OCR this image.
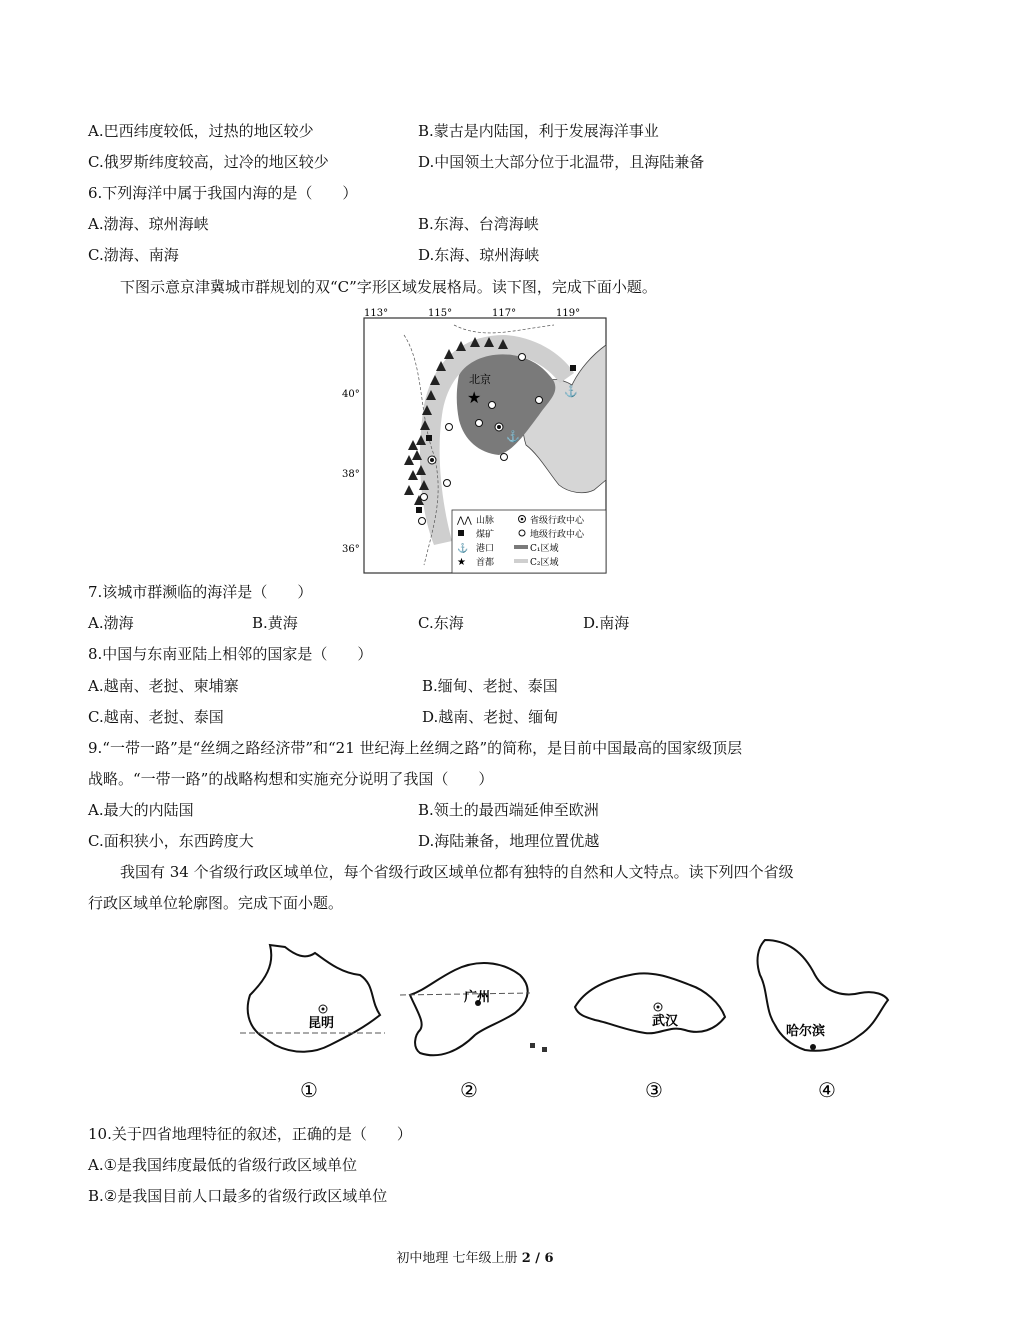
A.巴西纬度较低，过热的地区较少	B.蒙古是内陆国，利于发展海洋事业
C.俄罗斯纬度较高，过冷的地区较少	D.中国领土大部分位于北温带，且海陆兼备
6.下列海洋中属于我国内海的是（　　）
A.渤海、琼州海峡	B.东海、台湾海峡
C.渤海、南海	D.东海、琼州海峡
下图示意京津冀城市群规划的双“C”字形区域发展格局。读下图，完成下面小题。
113°	115°	117°	119°
40°
38°
36°
北京
★	⚓
⚓
⋀⋀ 山脉	省级行政中心
煤矿	地级行政中心
⚓ 港口	C₁区域
★ 首都	C₂区域
7.该城市群濒临的海洋是（　　）
A.渤海	B.黄海	C.东海	D.南海
8.中国与东南亚陆上相邻的国家是（　　）
A.越南、老挝、柬埔寨	B.缅甸、老挝、泰国
C.越南、老挝、泰国	D.越南、老挝、缅甸
9.“一带一路”是“丝绸之路经济带”和“21 世纪海上丝绸之路”的简称，是目前中国最高的国家级顶层
战略。“一带一路”的战略构想和实施充分说明了我国（　　）
A.最大的内陆国	B.领土的最西端延伸至欧洲
C.面积狭小，东西跨度大	D.海陆兼备，地理位置优越
我国有 34 个省级行政区域单位，每个省级行政区域单位都有独特的自然和人文特点。读下列四个省级
行政区域单位轮廓图。完成下面小题。
昆明
①
广州
②
武汉
③
哈尔滨
④
10.关于四省地理特征的叙述，正确的是（　　）
A.①是我国纬度最低的省级行政区域单位
B.②是我国目前人口最多的省级行政区域单位
初中地理 七年级上册 2 / 6
